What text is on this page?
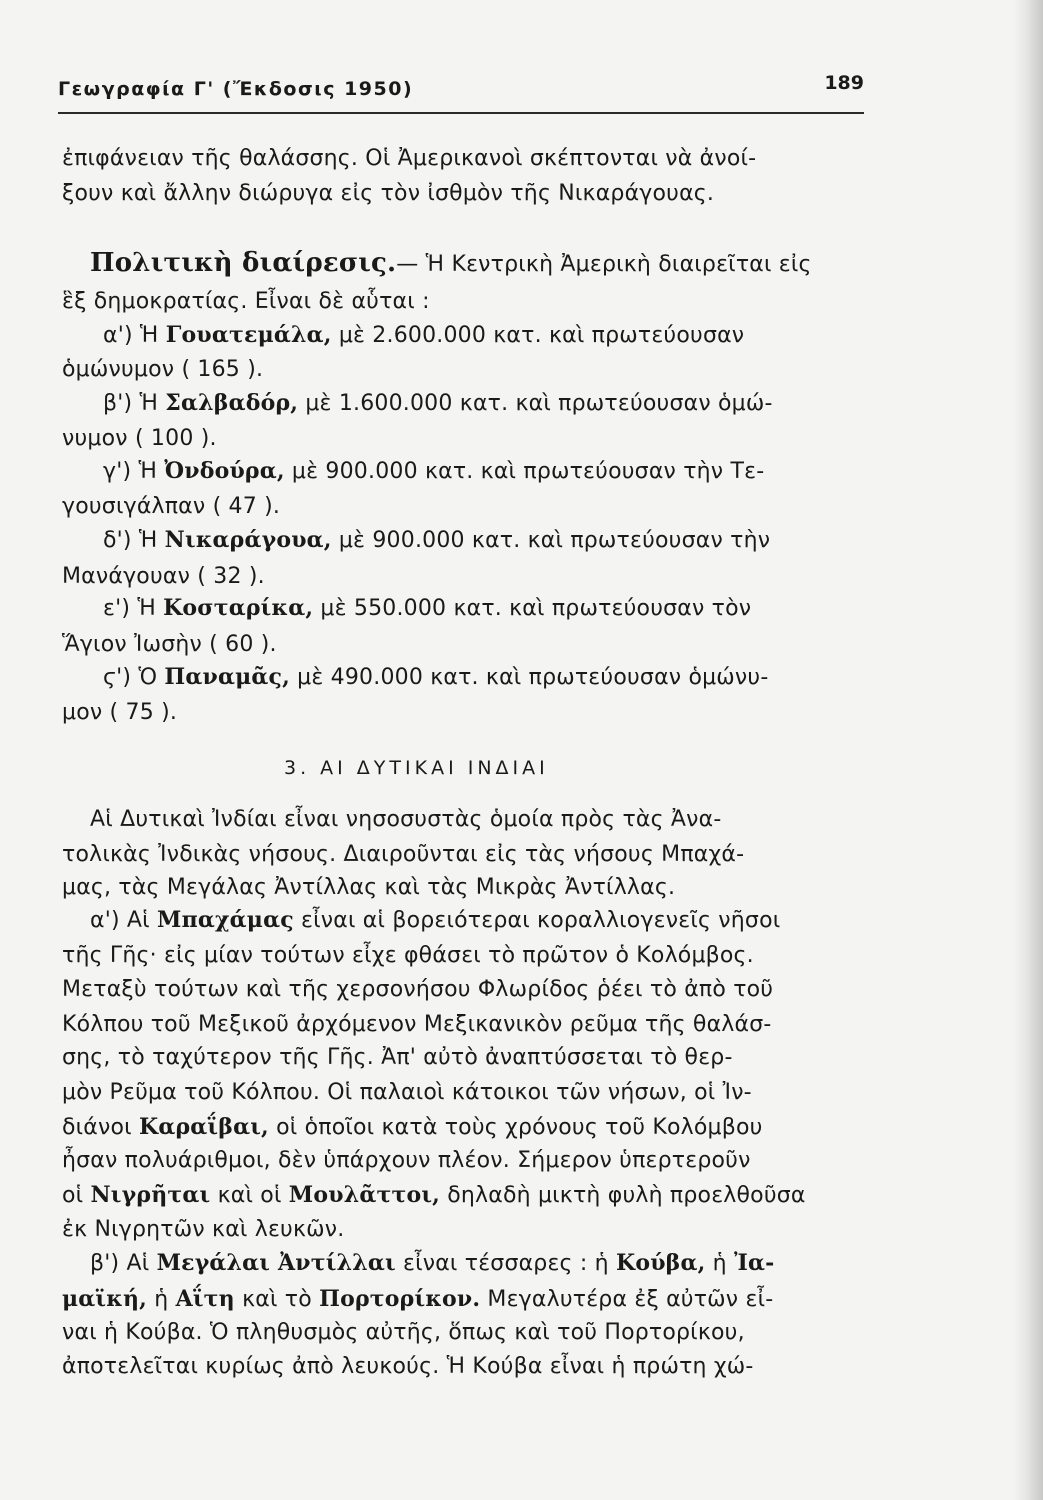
Γεωγραφία Γ' (Ἔκδοσις 1950)	189
ἐπιφάνειαν τῆς θαλάσσης. Οἱ Ἀμερικανοὶ σκέπτονται νὰ ἀνοί-
ξουν καὶ ἄλλην διώρυγα εἰς τὸν ἰσθμὸν τῆς Νικαράγουας.
Πολιτικὴ διαίρεσις.— Ἡ Κεντρικὴ Ἀμερικὴ διαιρεῖται εἰς
ἓξ δημοκρατίας. Εἶναι δὲ αὗται :
α') Ἡ Γουατεμάλα, μὲ 2.600.000 κατ. καὶ πρωτεύουσαν
ὁμώνυμον ( 165 ).
β') Ἡ Σαλβαδόρ, μὲ 1.600.000 κατ. καὶ πρωτεύουσαν ὁμώ-
νυμον ( 100 ).
γ') Ἡ Ὀνδούρα, μὲ 900.000 κατ. καὶ πρωτεύουσαν τὴν Τε-
γουσιγάλπαν ( 47 ).
δ') Ἡ Νικαράγουα, μὲ 900.000 κατ. καὶ πρωτεύουσαν τὴν
Μανάγουαν ( 32 ).
ε') Ἡ Κοσταρίκα, μὲ 550.000 κατ. καὶ πρωτεύουσαν τὸν
Ἅγιον Ἰωσὴν ( 60 ).
ϛ') Ὁ Παναμᾶς, μὲ 490.000 κατ. καὶ πρωτεύουσαν ὁμώνυ-
μον ( 75 ).
3. ΑΙ ΔΥΤΙΚΑΙ ΙΝΔΙΑΙ
Αἱ Δυτικαὶ Ἰνδίαι εἶναι νησοσυστὰς ὁμοία πρὸς τὰς Ἀνα-
τολικὰς Ἰνδικὰς νήσους. Διαιροῦνται εἰς τὰς νήσους Μπαχά-
μας, τὰς Μεγάλας Ἀντίλλας καὶ τὰς Μικρὰς Ἀντίλλας.
α') Αἱ Μπαχάμας εἶναι αἱ βορειότεραι κοραλλιογενεῖς νῆσοι
τῆς Γῆς· εἰς μίαν τούτων εἶχε φθάσει τὸ πρῶτον ὁ Κολόμβος.
Μεταξὺ τούτων καὶ τῆς χερσονήσου Φλωρίδος ῥέει τὸ ἀπὸ τοῦ
Κόλπου τοῦ Μεξικοῦ ἀρχόμενον Μεξικανικὸν ρεῦμα τῆς θαλάσ-
σης, τὸ ταχύτερον τῆς Γῆς. Ἀπ' αὐτὸ ἀναπτύσσεται τὸ θερ-
μὸν Ρεῦμα τοῦ Κόλπου. Οἱ παλαιοὶ κάτοικοι τῶν νήσων, οἱ Ἰν-
διάνοι Καραΐβαι, οἱ ὁποῖοι κατὰ τοὺς χρόνους τοῦ Κολόμβου
ἦσαν πολυάριθμοι, δὲν ὑπάρχουν πλέον. Σήμερον ὑπερτεροῦν
οἱ Νιγρῆται καὶ οἱ Μουλᾶττοι, δηλαδὴ μικτὴ φυλὴ προελθοῦσα
ἐκ Νιγρητῶν καὶ λευκῶν.
β') Αἱ Μεγάλαι Ἀντίλλαι εἶναι τέσσαρες : ἡ Κούβα, ἡ Ἰα-
μαϊκή, ἡ Αΐτη καὶ τὸ Πορτορίκον. Μεγαλυτέρα ἐξ αὐτῶν εἶ-
ναι ἡ Κούβα. Ὁ πληθυσμὸς αὐτῆς, ὅπως καὶ τοῦ Πορτορίκου,
ἀποτελεῖται κυρίως ἀπὸ λευκούς. Ἡ Κούβα εἶναι ἡ πρώτη χώ-
